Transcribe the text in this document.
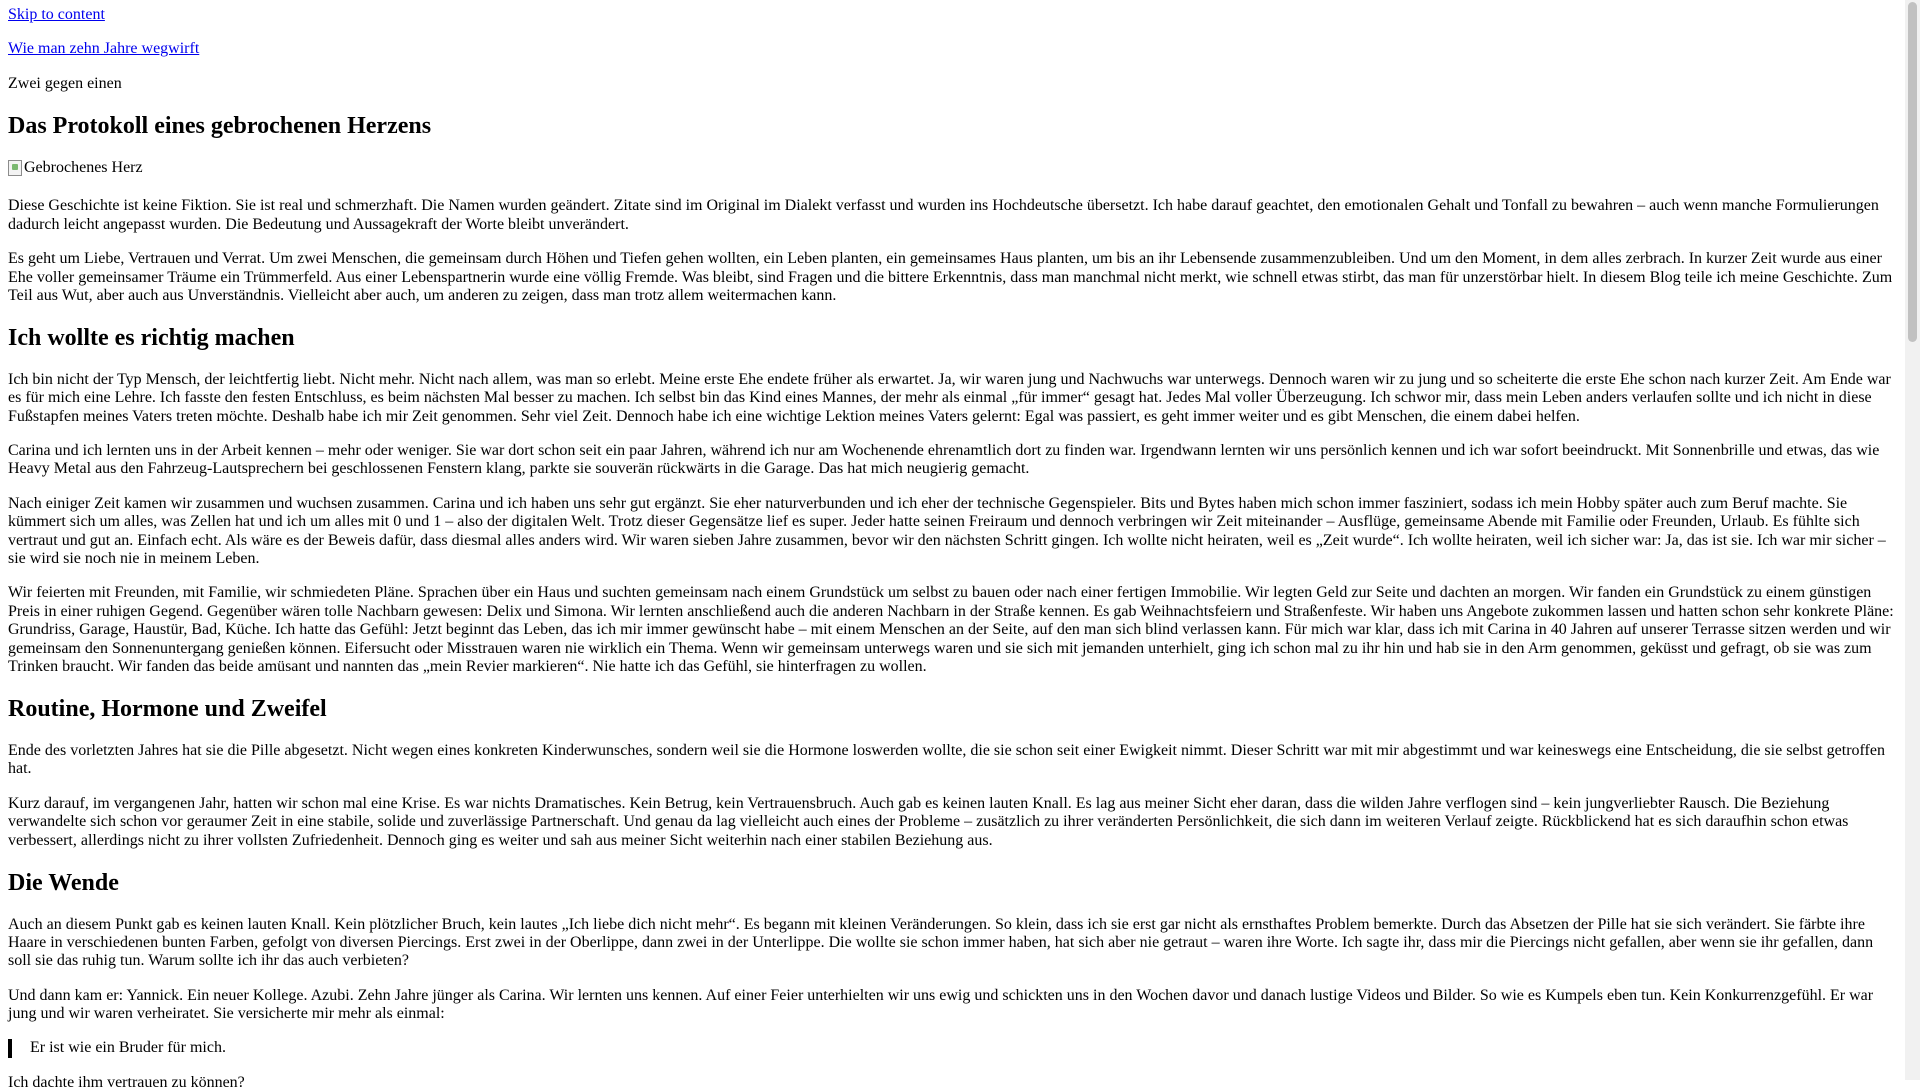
Skip to content

Wie man zehn Jahre wegwirft

Zwei gegen einen

Das Protokoll eines gebrochenen Herzens
Gebrochenes Herz

Diese Geschichte ist keine Fiktion. Sie ist real und schmerzhaft. Die Namen wurden geändert. Zitate sind im Original im Dialekt verfasst und wurden ins Hochdeutsche übersetzt. Ich habe darauf geachtet, den emotionalen Gehalt und Tonfall zu bewahren – auch wenn manche Formulierungen dadurch leicht angepasst wurden. Die Bedeutung und Aussagekraft der Worte bleibt unverändert.

Es geht um Liebe, Vertrauen und Verrat. Um zwei Menschen, die gemeinsam durch Höhen und Tiefen gehen wollten, ein Leben planten, ein gemeinsames Haus planten, um bis an ihr Lebensende zusammenzubleiben. Und um den Moment, in dem alles zerbrach. In kurzer Zeit wurde aus einer Ehe voller gemeinsamer Träume ein Trümmerfeld. Aus einer Lebenspartnerin wurde eine völlig Fremde. Was bleibt, sind Fragen und die bittere Erkenntnis, dass man manchmal nicht merkt, wie schnell etwas stirbt, das man für unzerstörbar hielt. In diesem Blog teile ich meine Geschichte. Zum Teil aus Wut, aber auch aus Unverständnis. Vielleicht aber auch, um anderen zu zeigen, dass man trotz allem weitermachen kann.

Ich wollte es richtig machen

Ich bin nicht der Typ Mensch, der leichtfertig liebt. Nicht mehr. Nicht nach allem, was man so erlebt. Meine erste Ehe endete früher als erwartet. Ja, wir waren jung und Nachwuchs war unterwegs. Dennoch waren wir zu jung und so scheiterte die erste Ehe schon nach kurzer Zeit. Am Ende war es für mich eine Lehre. Ich fasste den festen Entschluss, es beim nächsten Mal besser zu machen. Ich selbst bin das Kind eines Mannes, der mehr als einmal „für immer“ gesagt hat. Jedes Mal voller Überzeugung. Ich schwor mir, dass mein Leben anders verlaufen sollte und ich nicht in diese Fußstapfen meines Vaters treten möchte. Deshalb habe ich mir Zeit genommen. Sehr viel Zeit. Dennoch habe ich eine wichtige Lektion meines Vaters gelernt: Egal was passiert, es geht immer weiter und es gibt Menschen, die einem dabei helfen.

Carina und ich lernten uns in der Arbeit kennen – mehr oder weniger. Sie war dort schon seit ein paar Jahren, während ich nur am Wochenende ehrenamtlich dort zu finden war. Irgendwann lernten wir uns persönlich kennen und ich war sofort beeindruckt. Mit Sonnenbrille und etwas, das wie Heavy Metal aus den Fahrzeug-Lautsprechern bei geschlossenen Fenstern klang, parkte sie souverän rückwärts in die Garage. Das hat mich neugierig gemacht.

Nach einiger Zeit kamen wir zusammen und wuchsen zusammen. Carina und ich haben uns sehr gut ergänzt. Sie eher naturverbunden und ich eher der technische Gegenspieler. Bits und Bytes haben mich schon immer fasziniert, sodass ich mein Hobby später auch zum Beruf machte. Sie kümmert sich um alles, was Zellen hat und ich um alles mit 0 und 1 – also der digitalen Welt. Trotz dieser Gegensätze lief es super. Jeder hatte seinen Freiraum und dennoch verbringen wir Zeit miteinander – Ausflüge, gemeinsame Abende mit Familie oder Freunden, Urlaub. Es fühlte sich vertraut und gut an. Einfach echt. Als wäre es der Beweis dafür, dass diesmal alles anders wird. Wir waren sieben Jahre zusammen, bevor wir den nächsten Schritt gingen. Ich wollte nicht heiraten, weil es „Zeit wurde“. Ich wollte heiraten, weil ich sicher war: Ja, das ist sie. Ich war mir sicher – sie wird sie noch nie in meinem Leben.

Wir feierten mit Freunden, mit Familie, wir schmiedeten Pläne. Sprachen über ein Haus und suchten gemeinsam nach einem Grundstück um selbst zu bauen oder nach einer fertigen Immobilie. Wir legten Geld zur Seite und dachten an morgen. Wir fanden ein Grundstück zu einem günstigen Preis in einer ruhigen Gegend. Gegenüber wären tolle Nachbarn gewesen: Delix und Simona. Wir lernten anschließend auch die anderen Nachbarn in der Straße kennen. Es gab Weihnachtsfeiern und Straßenfeste. Wir haben uns Angebote zukommen lassen und hatten schon sehr konkrete Pläne: Grundriss, Garage, Haustür, Bad, Küche. Ich hatte das Gefühl: Jetzt beginnt das Leben, das ich mir immer gewünscht habe – mit einem Menschen an der Seite, auf den man sich blind verlassen kann. Für mich war klar, dass ich mit Carina in 40 Jahren auf unserer Terrasse sitzen werden und wir gemeinsam den Sonnenuntergang genießen können. Eifersucht oder Misstrauen waren nie wirklich ein Thema. Wenn wir gemeinsam unterwegs waren und sie sich mit jemanden unterhielt, ging ich schon mal zu ihr hin und hab sie in den Arm genommen, geküsst und gefragt, ob sie was zum Trinken braucht. Wir fanden das beide amüsant und nannten das „mein Revier markieren“. Nie hatte ich das Gefühl, sie hinterfragen zu wollen.

Routine, Hormone und Zweifel

Ende des vorletzten Jahres hat sie die Pille abgesetzt. Nicht wegen eines konkreten Kinderwunsches, sondern weil sie die Hormone loswerden wollte, die sie schon seit einer Ewigkeit nimmt. Dieser Schritt war mit mir abgestimmt und war keineswegs eine Entscheidung, die sie selbst getroffen hat.

Kurz darauf, im vergangenen Jahr, hatten wir schon mal eine Krise. Es war nichts Dramatisches. Kein Betrug, kein Vertrauensbruch. Auch gab es keinen lauten Knall. Es lag aus meiner Sicht eher daran, dass die wilden Jahre verflogen sind – kein jungverliebter Rausch. Die Beziehung verwandelte sich schon vor geraumer Zeit in eine stabile, solide und zuverlässige Partnerschaft. Und genau da lag vielleicht auch eines der Probleme – zusätzlich zu ihrer veränderten Persönlichkeit, die sich dann im weiteren Verlauf zeigte. Rückblickend hat es sich daraufhin schon etwas verbessert, allerdings nicht zu ihrer vollsten Zufriedenheit. Dennoch ging es weiter und sah aus meiner Sicht weiterhin nach einer stabilen Beziehung aus.

Die Wende

Auch an diesem Punkt gab es keinen lauten Knall. Kein plötzlicher Bruch, kein lautes „Ich liebe dich nicht mehr“. Es begann mit kleinen Veränderungen. So klein, dass ich sie erst gar nicht als ernsthaftes Problem bemerkte. Durch das Absetzen der Pille hat sie sich verändert. Sie färbte ihre Haare in verschiedenen bunten Farben, gefolgt von diversen Piercings. Erst zwei in der Oberlippe, dann zwei in der Unterlippe. Die wollte sie schon immer haben, hat sich aber nie getraut – waren ihre Worte. Ich sagte ihr, dass mir die Piercings nicht gefallen, aber wenn sie ihr gefallen, dann soll sie das ruhig tun. Warum sollte ich ihr das auch verbieten?

Und dann kam er: Yannick. Ein neuer Kollege. Azubi. Zehn Jahre jünger als Carina. Wir lernten uns kennen. Auf einer Feier unterhielten wir uns ewig und schickten uns in den Wochen davor und danach lustige Videos und Bilder. So wie es Kumpels eben tun. Kein Konkurrenzgefühl. Er war jung und wir waren verheiratet. Sie versicherte mir mehr als einmal:

Er ist wie ein Bruder für mich.

Ich dachte ihm vertrauen zu können?
